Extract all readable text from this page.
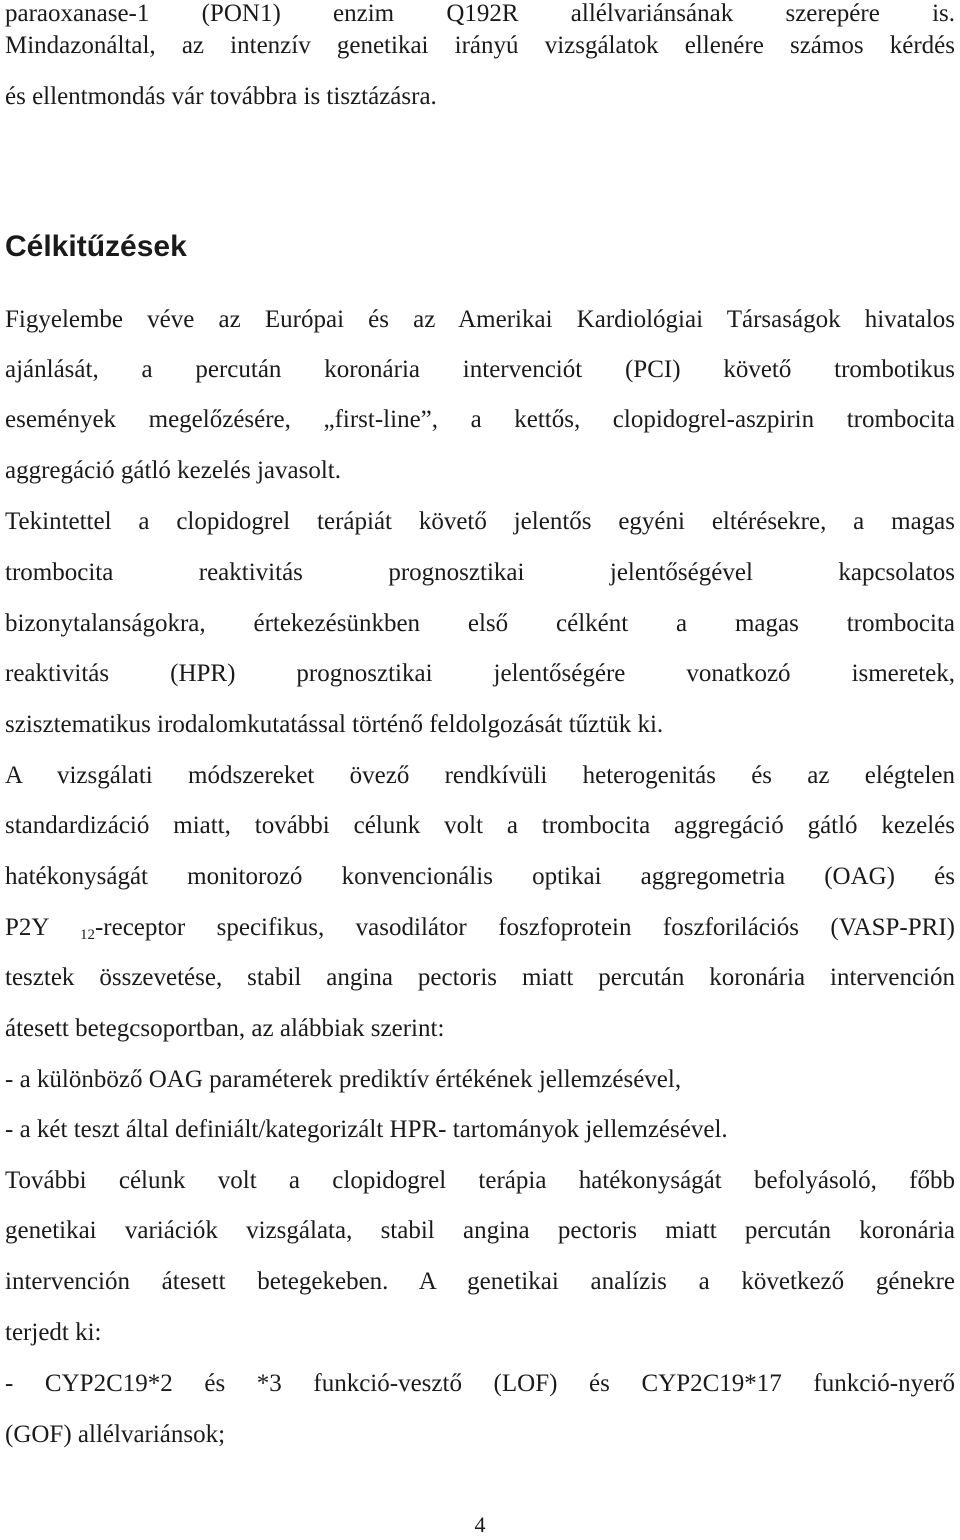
paraoxanase-1 (PON1) enzim Q192R allélvariánsának szerepére is.
Mindazonáltal, az intenzív genetikai irányú vizsgálatok ellenére számos kérdés
és ellentmondás vár továbbra is tisztázásra.
Célkitűzések
Figyelembe véve az Európai és az Amerikai Kardiológiai Társaságok hivatalos
ajánlását, a percután koronária intervenciót (PCI) követő trombotikus
események megelőzésére, „first-line”, a kettős, clopidogrel-aszpirin trombocita
aggregáció gátló kezelés javasolt.
Tekintettel a clopidogrel terápiát követő jelentős egyéni eltérésekre, a magas
trombocita reaktivitás prognosztikai jelentőségével kapcsolatos
bizonytalanságokra, értekezésünkben első célként a magas trombocita
reaktivitás (HPR) prognosztikai jelentőségére vonatkozó ismeretek,
szisztematikus irodalomkutatással történő feldolgozását tűztük ki.
A vizsgálati módszereket övező rendkívüli heterogenitás és az elégtelen
standardizáció miatt, további célunk volt a trombocita aggregáció gátló kezelés
hatékonyságát monitorozó konvencionális optikai aggregometria (OAG) és
P2Y $_{12}$-receptor specifikus, vasodilátor foszfoprotein foszforilációs (VASP-PRI)
tesztek összevetése, stabil angina pectoris miatt percután koronária intervención
átesett betegcsoportban, az alábbiak szerint:
- a különböző OAG paraméterek prediktív értékének jellemzésével,
- a két teszt által definiált/kategorizált HPR- tartományok jellemzésével.
További célunk volt a clopidogrel terápia hatékonyságát befolyásoló, főbb
genetikai variációk vizsgálata, stabil angina pectoris miatt percután koronária
intervención átesett betegekeben. A genetikai analízis a következő génekre
terjedt ki:
- CYP2C19*2 és *3 funkció-vesztő (LOF) és CYP2C19*17 funkció-nyerő
(GOF) allélvariánsok;
4
